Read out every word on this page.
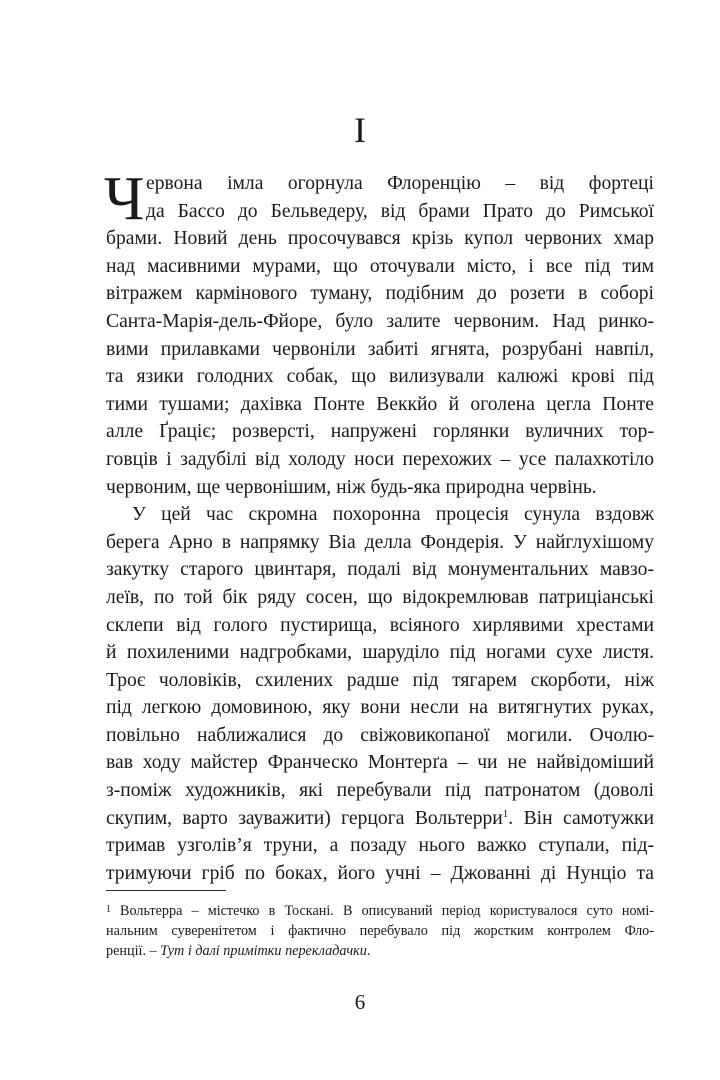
I
Ч ервона імла огорнула Флоренцію – від фортеці
да Бассо до Бельведеру, від брами Прато до Римської
брами. Новий день просочувався крізь купол червоних хмар
над масивними мурами, що оточували місто, і все під тим
вітражем кармінового туману, подібним до розети в соборі
Санта-Марія-дель-Фйоре, було залите червоним. Над ринко-
вими прилавками червоніли забиті ягнята, розрубані навпіл,
та язики голодних собак, що вилизували калюжі крові під
тими тушами; дахівка Понте Веккйо й оголена цегла Понте
алле Ґраціє; розверсті, напружені горлянки вуличних тор-
говців і задубілі від холоду носи перехожих – усе палахкотіло
червоним, ще червонішим, ніж будь-яка природна червінь.
У цей час скромна похоронна процесія сунула вздовж
берега Арно в напрямку Віа делла Фондерія. У найглухішому
закутку старого цвинтаря, подалі від монументальних мавзо-
леїв, по той бік ряду сосен, що відокремлював патриціанські
склепи від голого пустирища, всіяного хирлявими хрестами
й похиленими надгробками, шаруділо під ногами сухе листя.
Троє чоловіків, схилених радше під тягарем скорботи, ніж
під легкою домовиною, яку вони несли на витягнутих руках,
повільно наближалися до свіжовикопаної могили. Очолю-
вав ходу майстер Франческо Монтерґа – чи не найвідоміший
з-поміж художників, які перебували під патронатом (доволі
скупим, варто зауважити) герцога Вольтерри$^1$. Він самотужки
тримав узголів’я труни, а позаду нього важко ступали, під-
тримуючи гріб по боках, його учні – Джованні ді Нунціо та
1 Вольтерра – містечко в Тоскані. В описуваний період користувалося суто номі-
нальним суверенітетом і фактично перебувало під жорстким контролем Фло-
ренції. – Тут і далі примітки перекладачки.
6
